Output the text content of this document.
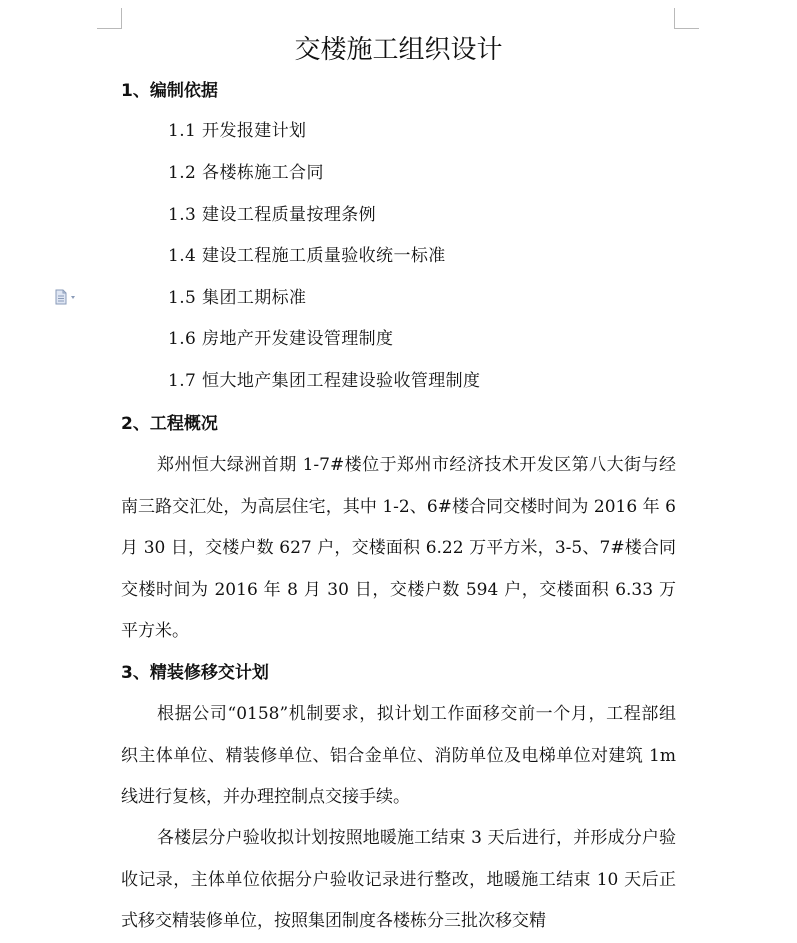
交楼施工组织设计
1、编制依据

1.1 开发报建计划

1.2 各楼栋施工合同

1.3 建设工程质量按理条例

1.4 建设工程施工质量验收统一标准

1.5 集团工期标准

1.6 房地产开发建设管理制度

1.7 恒大地产集团工程建设验收管理制度

2、工程概况

郑州恒大绿洲首期 1-7#楼位于郑州市经济技术开发区第八大街与经南三路交汇处，为高层住宅，其中 1-2、6#楼合同交楼时间为 2016 年 6 月 30 日，交楼户数 627 户，交楼面积 6.22 万平方米，3-5、7#楼合同交楼时间为 2016 年 8 月 30 日，交楼户数 594 户，交楼面积 6.33 万平方米。

3、精装修移交计划

根据公司“0158”机制要求，拟计划工作面移交前一个月，工程部组织主体单位、精装修单位、铝合金单位、消防单位及电梯单位对建筑 1m 线进行复核，并办理控制点交接手续。

各楼层分户验收拟计划按照地暖施工结束 3 天后进行，并形成分户验收记录，主体单位依据分户验收记录进行整改，地暖施工结束 10 天后正式移交精装修单位，按照集团制度各楼栋分三批次移交精
